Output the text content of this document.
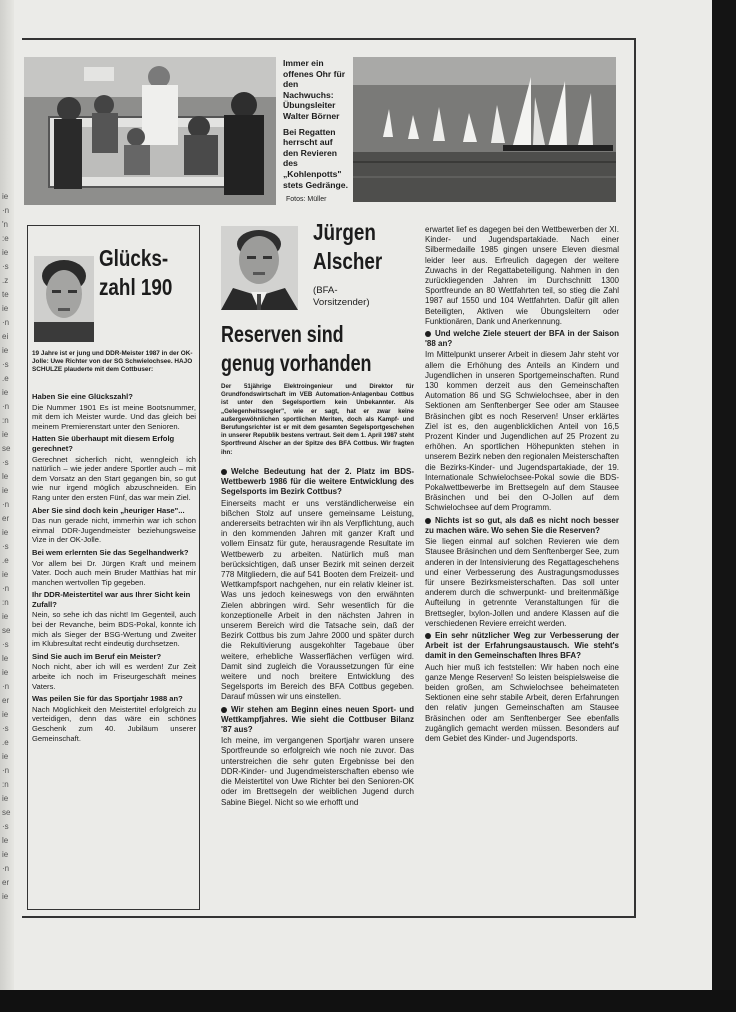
ie
·n
'n
:e
ie
·s
.z
te
ie
·n
ei
ie
·s
.e
ie
·n
:n
ie
se
·s
le
ie
·n
er
ie
·s
.e
ie
·n
:n
ie
se
·s
le
ie
·n
er
ie
·s
.e
ie
·n
:n
ie
se
·s
le
ie
·n
er
ie

Immer ein offenes Ohr für den Nachwuchs: Übungsleiter Walter Börner

Bei Regatten herrscht auf den Revieren des „Kohlenpotts" stets Gedränge.

Fotos: Müller
Glücks-zahl 190
19 Jahre ist er jung und DDR-Meister 1987 in der OK-Jolle: Uwe Richter von der SG Schwielochsee. HAJO SCHULZE plauderte mit dem Cottbuser:
Haben Sie eine Glückszahl?
Die Nummer 1901 Es ist meine Bootsnummer, mit dem ich Meister wurde. Und das gleich bei meinem Premierenstart unter den Senioren.
Hatten Sie überhaupt mit diesem Erfolg gerechnet?
Gerechnet sicherlich nicht, wenngleich ich natürlich – wie jeder andere Sportler auch – mit dem Vorsatz an den Start gegangen bin, so gut wie nur irgend möglich abzuschneiden. Ein Rang unter den ersten Fünf, das war mein Ziel.
Aber Sie sind doch kein „heuriger Hase"...
Das nun gerade nicht, immerhin war ich schon einmal DDR-Jugendmeister beziehungsweise Vize in der OK-Jolle.
Bei wem erlernten Sie das Segelhandwerk?
Vor allem bei Dr. Jürgen Kraft und meinem Vater. Doch auch mein Bruder Matthias hat mir manchen wertvollen Tip gegeben.
Ihr DDR-Meistertitel war aus Ihrer Sicht kein Zufall?
Nein, so sehe ich das nicht! Im Gegenteil, auch bei der Revanche, beim BDS-Pokal, konnte ich mich als Sieger der BSG-Wertung und Zweiter im Klubresultat recht eindeutig durchsetzen.
Sind Sie auch im Beruf ein Meister?
Noch nicht, aber ich will es werden! Zur Zeit arbeite ich noch im Friseurgeschäft meines Vaters.
Was peilen Sie für das Sportjahr 1988 an?
Nach Möglichkeit den Meistertitel erfolgreich zu verteidigen, denn das wäre ein schönes Geschenk zum 40. Jubiläum unserer Gemeinschaft.
Jürgen Alscher
(BFA-Vorsitzender)
Reserven sind genug vorhanden
Der 51jährige Elektroingenieur und Direktor für Grundfondswirtschaft im VEB Automation-Anlagenbau Cottbus ist unter den Segelsportlern kein Unbekannter. Als „Gelegenheitssegler", wie er sagt, hat er zwar keine außergewöhnlichen sportlichen Meriten, doch als Kampf- und Berufungsrichter ist er mit dem gesamten Segelsportgeschehen in unserer Republik bestens vertraut. Seit dem 1. April 1987 steht Sportfreund Alscher an der Spitze des BFA Cottbus. Wir fragten ihn:

Welche Bedeutung hat der 2. Platz im BDS-Wettbewerb 1986 für die weitere Entwicklung des Segelsports im Bezirk Cottbus?

Einerseits macht er uns verständlicherweise ein bißchen Stolz auf unsere gemeinsame Leistung, andererseits betrachten wir ihn als Verpflichtung, auch in den kommenden Jahren mit ganzer Kraft und vollem Einsatz für gute, herausragende Resultate im Wettbewerb zu arbeiten. Natürlich muß man berücksichtigen, daß unser Bezirk mit seinen derzeit 778 Mitgliedern, die auf 541 Booten dem Freizeit- und Wettkampfsport nachgehen, nur ein relativ kleiner ist. Was uns jedoch keineswegs von den erwähnten Zielen abbringen wird. Sehr wesentlich für die konzeptionelle Arbeit in den nächsten Jahren in unserem Bereich wird die Tatsache sein, daß der Bezirk Cottbus bis zum Jahre 2000 und später durch die Rekultivierung ausgekohlter Tagebaue über weitere, erhebliche Wasserflächen verfügen wird. Damit sind zugleich die Voraussetzungen für eine weitere und noch breitere Entwicklung des Segelsports im Bereich des BFA Cottbus gegeben. Darauf müssen wir uns einstellen.

Wir stehen am Beginn eines neuen Sport- und Wettkampfjahres. Wie sieht die Cottbuser Bilanz '87 aus?

Ich meine, im vergangenen Sportjahr waren unsere Sportfreunde so erfolgreich wie noch nie zuvor. Das unterstreichen die sehr guten Ergebnisse bei den DDR-Kinder- und Jugendmeisterschaften ebenso wie die Meistertitel von Uwe Richter bei den Senioren-OK oder im Brettsegeln der weiblichen Jugend durch Sabine Biegel. Nicht so wie erhofft und

erwartet lief es dagegen bei den Wettbewerben der XI. Kinder- und Jugendspartakiade. Nach einer Silbermedaille 1985 gingen unsere Eleven diesmal leider leer aus. Erfreulich dagegen der weitere Zuwachs in der Regattabeteiligung. Nahmen in den zurückliegenden Jahren im Durchschnitt 1300 Sportfreunde an 80 Wettfahrten teil, so stieg die Zahl 1987 auf 1550 und 104 Wettfahrten. Dafür gilt allen Beteiligten, Aktiven wie Übungsleitern oder Funktionären, Dank und Anerkennung.

Und welche Ziele steuert der BFA in der Saison '88 an?

Im Mittelpunkt unserer Arbeit in diesem Jahr steht vor allem die Erhöhung des Anteils an Kindern und Jugendlichen in unseren Sportgemeinschaften. Rund 130 kommen derzeit aus den Gemeinschaften Automation 86 und SG Schwielochsee, aber in den Sektionen am Senftenberger See oder am Stausee Bräsinchen gibt es noch Reserven! Unser erklärtes Ziel ist es, den augenblicklichen Anteil von 16,5 Prozent Kinder und Jugendlichen auf 25 Prozent zu erhöhen. An sportlichen Höhepunkten stehen in unserem Bezirk neben den regionalen Meisterschaften die Bezirks-Kinder- und Jugendspartakiade, der 19. Internationale Schwielochsee-Pokal sowie die BDS-Pokalwettbewerbe im Brettsegeln auf dem Stausee Bräsinchen und bei den O-Jollen auf dem Schwielochsee auf dem Programm.

Nichts ist so gut, als daß es nicht noch besser zu machen wäre. Wo sehen Sie die Reserven?

Sie liegen einmal auf solchen Revieren wie dem Stausee Bräsinchen und dem Senftenberger See, zum anderen in der Intensivierung des Regattageschehens und einer Verbesserung des Austragungsmodusses für unsere Bezirksmeisterschaften. Das soll unter anderem durch die schwerpunkt- und breitenmäßige Aufteilung in getrennte Veranstaltungen für die Brettsegler, Ixylon-Jollen und andere Klassen auf die verschiedenen Reviere erreicht werden.

Ein sehr nützlicher Weg zur Verbesserung der Arbeit ist der Erfahrungsaustausch. Wie steht's damit in den Gemeinschaften Ihres BFA?

Auch hier muß ich feststellen: Wir haben noch eine ganze Menge Reserven! So leisten beispielsweise die beiden großen, am Schwielochsee beheimateten Sektionen eine sehr stabile Arbeit, deren Erfahrungen den relativ jungen Gemeinschaften am Stausee Bräsinchen oder am Senftenberger See ebenfalls zugänglich gemacht werden müssen. Besonders auf dem Gebiet des Kinder- und Jugendsports.
